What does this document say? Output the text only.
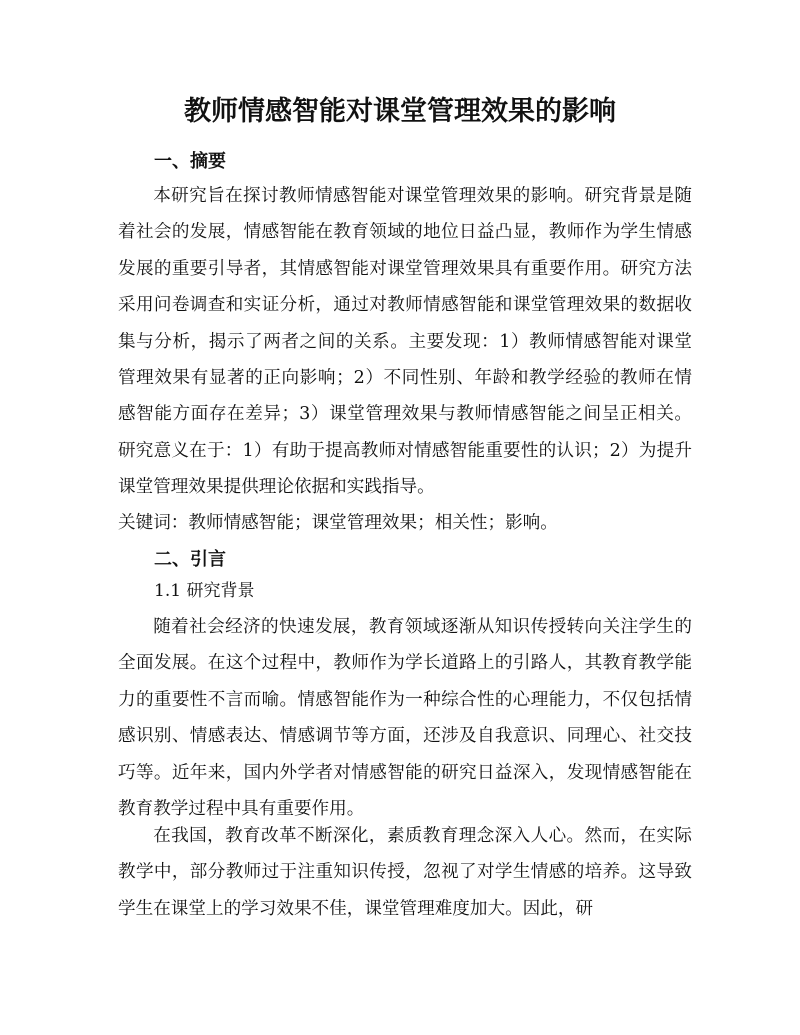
教师情感智能对课堂管理效果的影响
一、摘要

本研究旨在探讨教师情感智能对课堂管理效果的影响。研究背景是随着社会的发展，情感智能在教育领域的地位日益凸显，教师作为学生情感发展的重要引导者，其情感智能对课堂管理效果具有重要作用。研究方法采用问卷调查和实证分析，通过对教师情感智能和课堂管理效果的数据收集与分析，揭示了两者之间的关系。主要发现：1）教师情感智能对课堂管理效果有显著的正向影响；2）不同性别、年龄和教学经验的教师在情感智能方面存在差异；3）课堂管理效果与教师情感智能之间呈正相关。研究意义在于：1）有助于提高教师对情感智能重要性的认识；2）为提升课堂管理效果提供理论依据和实践指导。

关键词：教师情感智能；课堂管理效果；相关性；影响。

二、引言
1.1 研究背景

随着社会经济的快速发展，教育领域逐渐从知识传授转向关注学生的全面发展。在这个过程中，教师作为学长道路上的引路人，其教育教学能力的重要性不言而喻。情感智能作为一种综合性的心理能力，不仅包括情感识别、情感表达、情感调节等方面，还涉及自我意识、同理心、社交技巧等。近年来，国内外学者对情感智能的研究日益深入，发现情感智能在教育教学过程中具有重要作用。

在我国，教育改革不断深化，素质教育理念深入人心。然而，在实际教学中，部分教师过于注重知识传授，忽视了对学生情感的培养。这导致学生在课堂上的学习效果不佳，课堂管理难度加大。因此，研
